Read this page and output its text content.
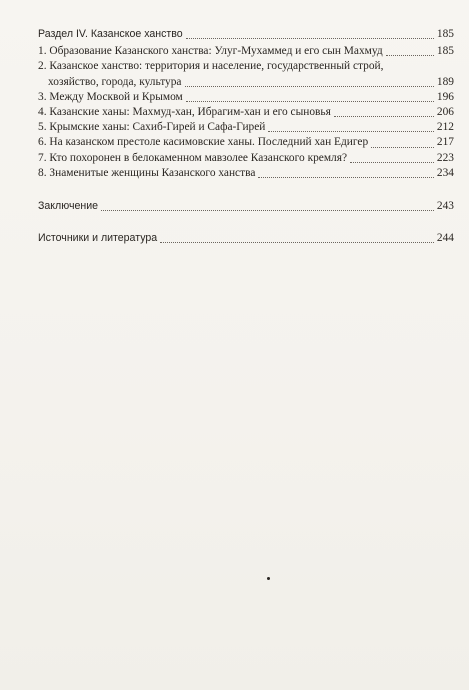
Раздел IV. Казанское ханство	185
1. Образование Казанского ханства: Улуг-Мухаммед и его сын Махмуд	185
2. Казанское ханство: территория и население, государственный строй,
хозяйство, города, культура	189
3. Между Москвой и Крымом	196
4. Казанские ханы: Махмуд-хан, Ибрагим-хан и его сыновья	206
5. Крымские ханы: Сахиб-Гирей и Сафа-Гирей	212
6. На казанском престоле касимовские ханы. Последний хан Едигер	217
7. Кто похоронен в белокаменном мавзолее Казанского кремля?	223
8. Знаменитые женщины Казанского ханства	234
Заключение	243
Источники и литература	244
